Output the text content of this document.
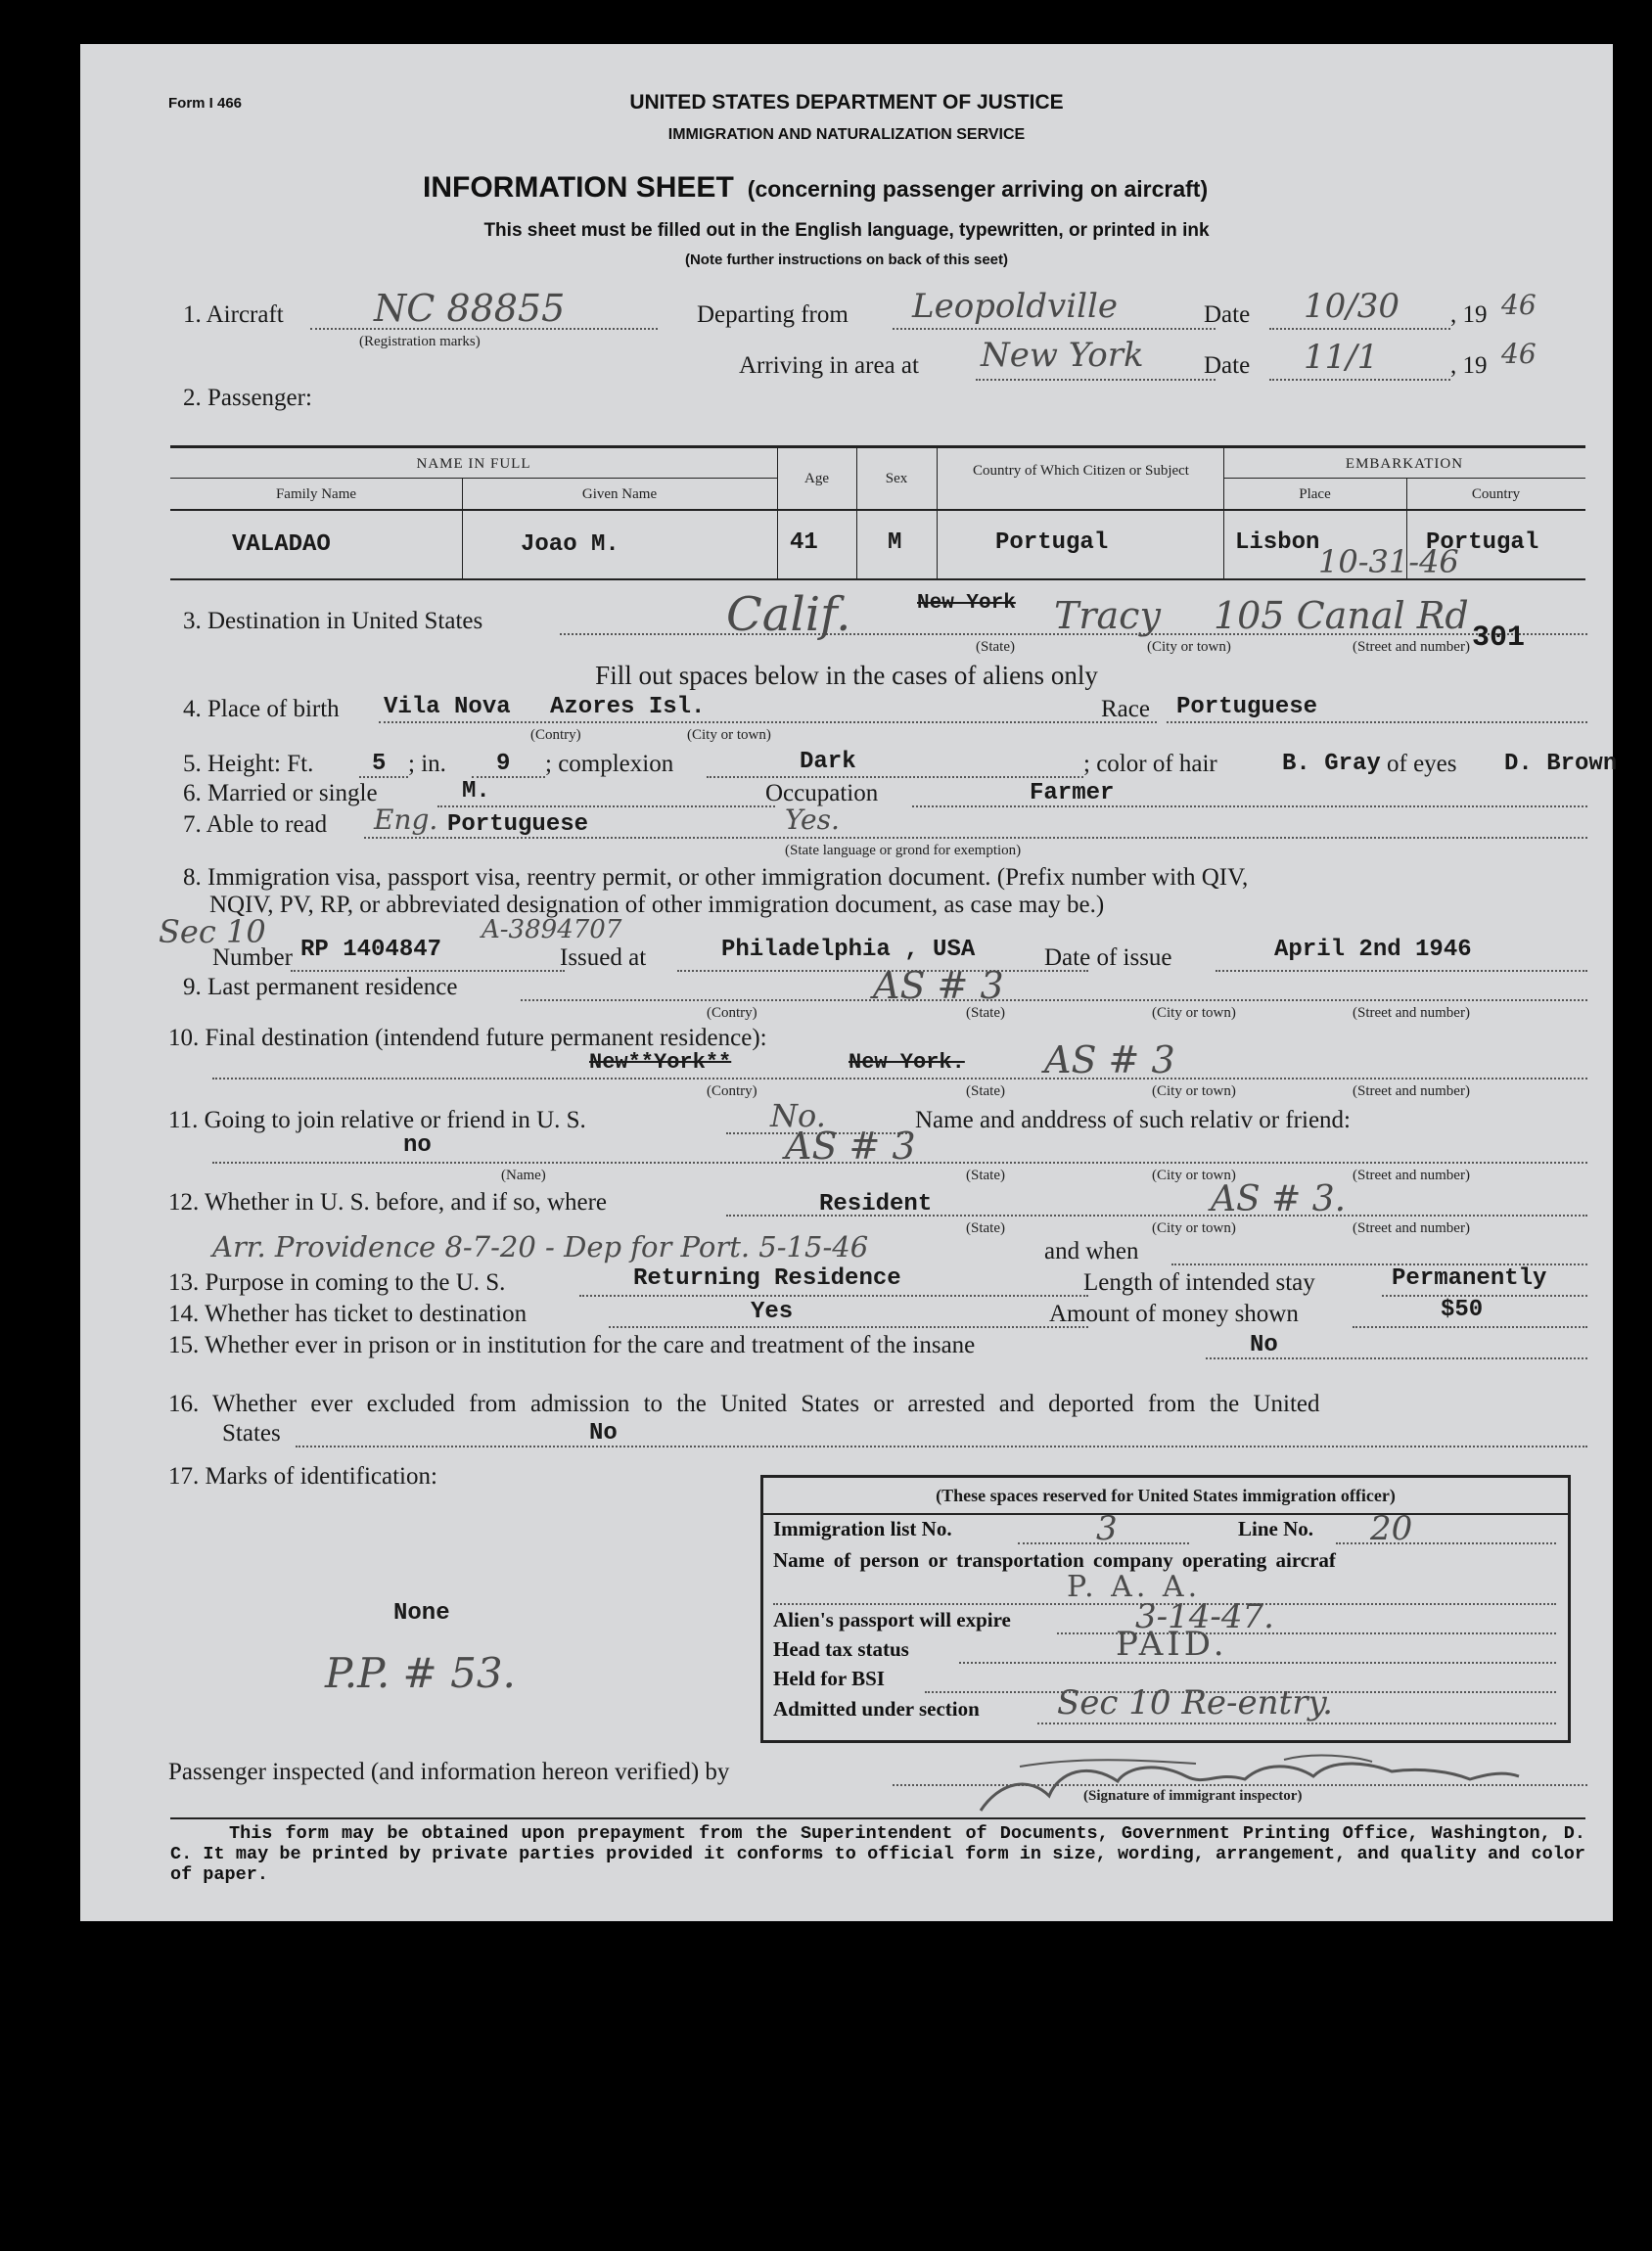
Form I 466	UNITED STATES DEPARTMENT OF JUSTICE
IMMIGRATION AND NATURALIZATION SERVICE
INFORMATION SHEET (concerning passenger arriving on aircraft)
This sheet must be filled out in the English language, typewritten, or printed in ink
(Note further instructions on back of this seet)
1. Aircraft NC 88855
(Registration marks)
Departing from Leopoldville	Date 10/30 , 19 46
Arriving in area at New York Date 11/1	, 19 46
2. Passenger:
NAME IN FULL
Family Name	Given Name
Age	Sex	Country of Which Citizen or Subject	EMBARKATION
Place	Country
VALADAO	Joao M.	41	M	Portugal	Lisbon	Portugal
10-31-46
3. Destination in United States	Calif.	New York Tracy 105 Canal Rd
301
(State)	(City or town)	(Street and number)
Fill out spaces below in the cases of aliens only
4. Place of birth Vila Nova Azores Isl.
(Contry)	(City or town)
Race Portuguese
5. Height: Ft. 5 ; in. 9 ; complexion	Dark	; color of hair	B. Gray of eyes D. Brown
6. Married or single	M.	Occupation	Farmer
7. Able to read Eng. Portuguese	Yes.
(State language or grond for exemption)
8. Immigration visa, passport visa, reentry permit, or other immigration document. (Prefix number with QIV,
NQIV, PV, RP, or abbreviated designation of other immigration document, as case may be.)
Sec 10	A-3894707
Number RP 1404847	Issued at	Philadelphia , USA	Date of issue	April 2nd 1946
9. Last permanent residence	AS # 3
(Contry)	(State)	(City or town)	(Street and number)
10. Final destination (intendend future permanent residence):
New**York**	New York. AS # 3
(Contry)	(State)	(City or town)	(Street and number)
11. Going to join relative or friend in U. S.	No.	Name and anddress of such relativ or friend:
no	AS # 3
(Name)	(State)	(City or town)	(Street and number)
12. Whether in U. S. before, and if so, where	Resident	AS # 3.
(State)	(City or town)	(Street and number)
Arr. Providence 8-7-20 - Dep for Port. 5-15-46	and when
13. Purpose in coming to the U. S.	Returning Residence	Length of intended stay	Permanently
14. Whether has ticket to destination	Yes	Amount of money shown	$50
15. Whether ever in prison or in institution for the care and treatment of the insane	No
16. Whether ever excluded from admission to the United States or arrested and deported from the United
States	No
17. Marks of identification:
None
P.P. # 53.
(These spaces reserved for United States immigration officer)
Immigration list No.	3	Line No. 20
Name of person or transportation company operating aircraf
P. A. A.
Alien's passport will expire	3-14-47.
Head tax status	PAID.
Held for BSI
Admitted under section Sec 10 Re-entry.
Passenger inspected (and information hereon verified) by
(Signature of immigrant inspector)
This form may be obtained upon prepayment from the Superintendent of Documents, Government Printing Office, Washington, D. C. It may be printed by private parties provided it conforms to official form in size, wording, arrangement, and quality and color of paper.
